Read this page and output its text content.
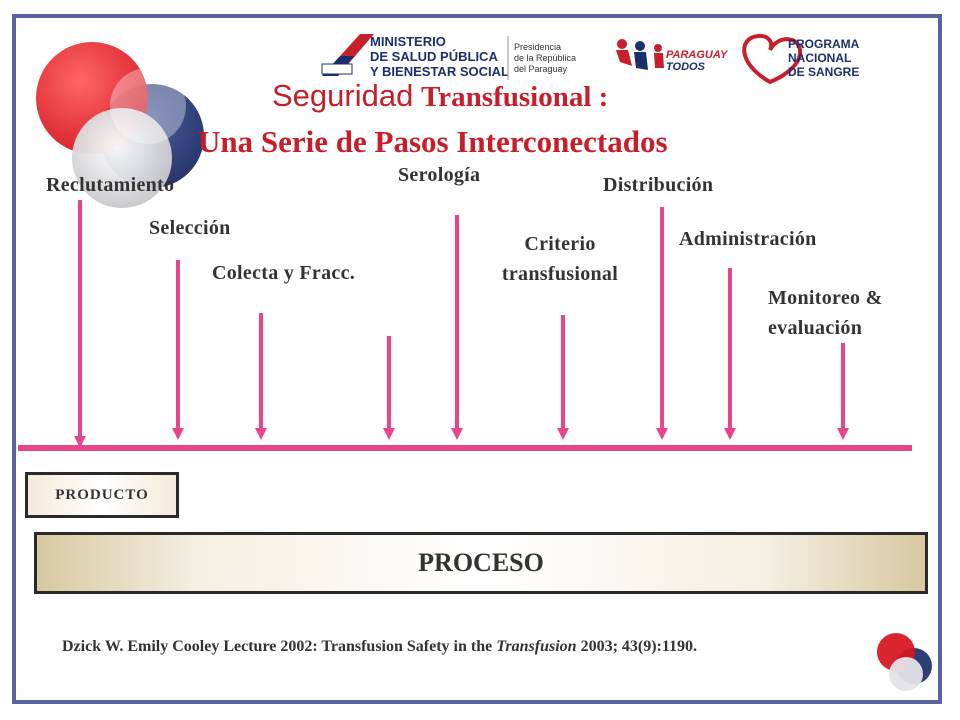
MINISTERIO
DE SALUD PÚBLICA
Y BIENESTAR SOCIAL
Presidencia
de la República
del Paraguay
PARAGUAY
TODOS
PROGRAMA
NACIONAL
DE SANGRE
Seguridad Transfusional :
Una Serie de Pasos Interconectados
Reclutamiento
Selección
Colecta y Fracc.
Serología
Criterio
transfusional
Distribución
Administración
Monitoreo &
evaluación
PRODUCTO
PROCESO
Dzick W. Emily Cooley Lecture 2002: Transfusion Safety in the Transfusion 2003; 43(9):1190.
